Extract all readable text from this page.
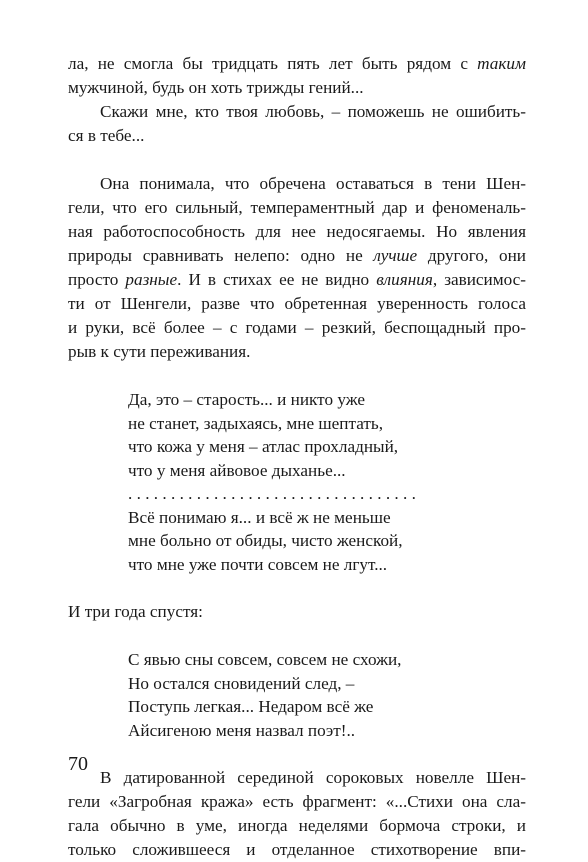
ла, не смогла бы тридцать пять лет быть рядом с таким
мужчиной, будь он хоть трижды гений...
Скажи мне, кто твоя любовь, – поможешь не ошибить-
ся в тебе...
Она понимала, что обречена оставаться в тени Шен-
гели, что его сильный, темпераментный дар и феноменаль-
ная работоспособность для нее недосягаемы. Но явления
природы сравнивать нелепо: одно не лучше другого, они
просто разные. И в стихах ее не видно влияния, зависимос-
ти от Шенгели, разве что обретенная уверенность голоса
и руки, всё более – с годами – резкий, беспощадный про-
рыв к сути переживания.
Да, это – старость... и никто уже
не станет, задыхаясь, мне шептать,
что кожа у меня – атлас прохладный,
что у меня айвовое дыханье...
. . . . . . . . . . . . . . . . . . . . . . . . . . . . . . . . . .
Всё понимаю я... и всё ж не меньше
мне больно от обиды, чисто женской,
что мне уже почти совсем не лгут...
И три года спустя:
С явью сны совсем, совсем не схожи,
Но остался сновидений след, –
Поступь легкая... Недаром всё же
Айсигеною меня назвал поэт!..
В датированной серединой сороковых новелле Шен-
гели «Загробная кража» есть фрагмент: «...Стихи она сла-
гала обычно в уме, иногда неделями бормоча строки, и
только сложившееся и отделанное стихотворение впи-
70
